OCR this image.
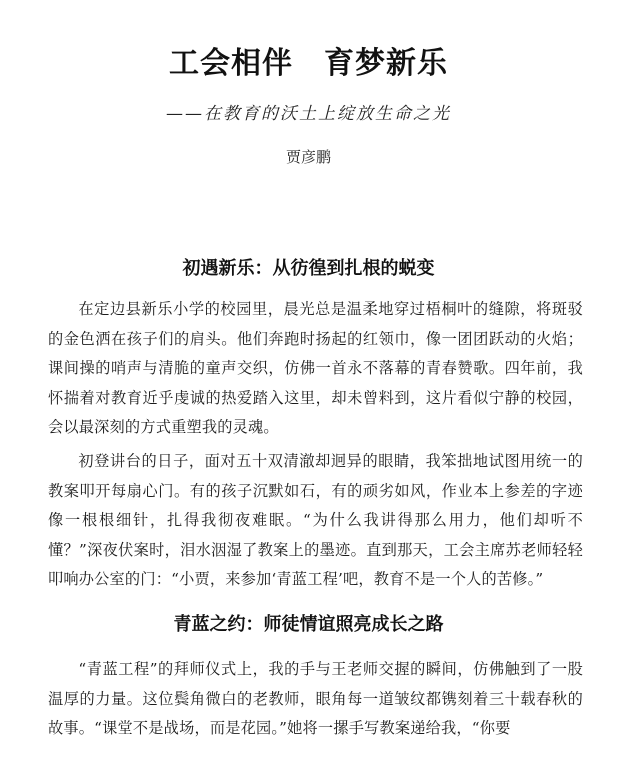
工会相伴　育梦新乐
——在教育的沃土上绽放生命之光
贾彦鹏
初遇新乐：从彷徨到扎根的蜕变
在定边县新乐小学的校园里，晨光总是温柔地穿过梧桐叶的缝隙，将斑驳的金色洒在孩子们的肩头。他们奔跑时扬起的红领巾，像一团团跃动的火焰；课间操的哨声与清脆的童声交织，仿佛一首永不落幕的青春赞歌。四年前，我怀揣着对教育近乎虔诚的热爱踏入这里，却未曾料到，这片看似宁静的校园，会以最深刻的方式重塑我的灵魂。
初登讲台的日子，面对五十双清澈却迥异的眼睛，我笨拙地试图用统一的教案叩开每扇心门。有的孩子沉默如石，有的顽劣如风，作业本上参差的字迹像一根根细针，扎得我彻夜难眠。“为什么我讲得那么用力，他们却听不懂？”深夜伏案时，泪水洇湿了教案上的墨迹。直到那天，工会主席苏老师轻轻叩响办公室的门：“小贾，来参加‘青蓝工程’吧，教育不是一个人的苦修。”
青蓝之约：师徒情谊照亮成长之路
“青蓝工程”的拜师仪式上，我的手与王老师交握的瞬间，仿佛触到了一股温厚的力量。这位鬓角微白的老教师，眼角每一道皱纹都镌刻着三十载春秋的故事。“课堂不是战场，而是花园。”她将一摞手写教案递给我，“你要
